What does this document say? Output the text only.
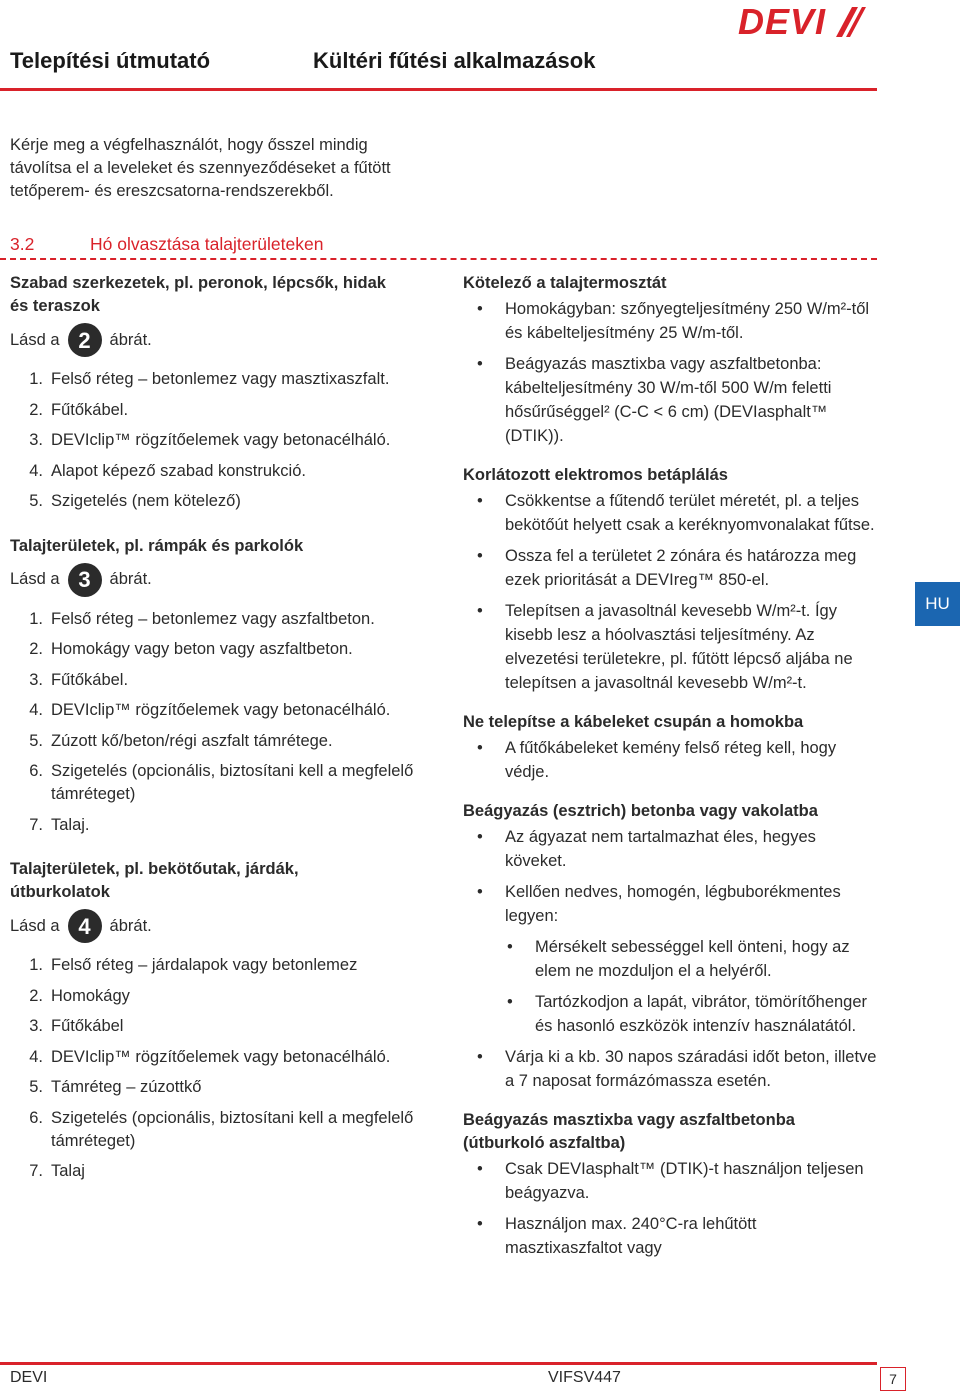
Telepítési útmutató	Kültéri fűtési alkalmazások
DEVI
Kérje meg a végfelhasználót, hogy ősszel mindig távolítsa el a leveleket és szennyeződéseket a fűtött tetőperem- és ereszcsatorna-rendszerekből.
3.2	Hó olvasztása talajterületeken
Szabad szerkezetek, pl. peronok, lépcsők, hidak és teraszok
Lásd a 2	ábrát.
1. Felső réteg – betonlemez vagy masztixaszfalt.
2. Fűtőkábel.
3. DEVIclip™ rögzítőelemek vagy betonacélháló.
4. Alapot képező szabad konstrukció.
5. Szigetelés (nem kötelező)
Talajterületek, pl. rámpák és parkolók
Lásd a 3	ábrát.
1. Felső réteg – betonlemez vagy aszfaltbeton.
2. Homokágy vagy beton vagy aszfaltbeton.
3. Fűtőkábel.
4. DEVIclip™ rögzítőelemek vagy betonacélháló.
5. Zúzott kő/beton/régi aszfalt támrétege.
6. Szigetelés (opcionális, biztosítani kell a megfelelő támréteget)
7. Talaj.
Talajterületek, pl. bekötőutak, járdák, útburkolatok
Lásd a 4	ábrát.
1. Felső réteg – járdalapok vagy betonlemez
2. Homokágy
3. Fűtőkábel
4. DEVIclip™ rögzítőelemek vagy betonacélháló.
5. Támréteg – zúzottkő
6. Szigetelés (opcionális, biztosítani kell a megfelelő támréteget)
7. Talaj
Kötelező a talajtermosztát
• Homokágyban: szőnyegteljesítmény 250 W/m²-től és kábelteljesítmény 25 W/m-től.
• Beágyazás masztixba vagy aszfaltbetonba: kábelteljesítmény 30 W/m-től 500 W/m feletti hősűrűséggel² (C-C < 6 cm) (DEVIasphalt™ (DTIK)).
Korlátozott elektromos betáplálás
• Csökkentse a fűtendő terület méretét, pl. a teljes bekötőút helyett csak a keréknyomvonalakat fűtse.
• Ossza fel a területet 2 zónára és határozza meg ezek prioritását a DEVIreg™ 850-el.
• Telepítsen a javasoltnál kevesebb W/m²-t. Így kisebb lesz a hóolvasztási teljesítmény. Az elvezetési területekre, pl. fűtött lépcső aljába ne telepítsen a javasoltnál kevesebb W/m²-t.
Ne telepítse a kábeleket csupán a homokba
• A fűtőkábeleket kemény felső réteg kell, hogy védje.
Beágyazás (esztrich) betonba vagy vakolatba
• Az ágyazat nem tartalmazhat éles, hegyes köveket.
• Kellően nedves, homogén, légbuborékmentes legyen:
• Mérsékelt sebességgel kell önteni, hogy az elem ne mozduljon el a helyéről.
• Tartózkodjon a lapát, vibrátor, tömörítőhenger és hasonló eszközök intenzív használatától.
• Várja ki a kb. 30 napos száradási időt beton, illetve a 7 naposat formázómassza esetén.
Beágyazás masztixba vagy aszfaltbetonba (útburkoló aszfaltba)
• Csak DEVIasphalt™ (DTIK)-t használjon teljesen beágyazva.
• Használjon max. 240°C-ra lehűtött masztixaszfaltot vagy
HU
DEVI	VIFSV447	7
